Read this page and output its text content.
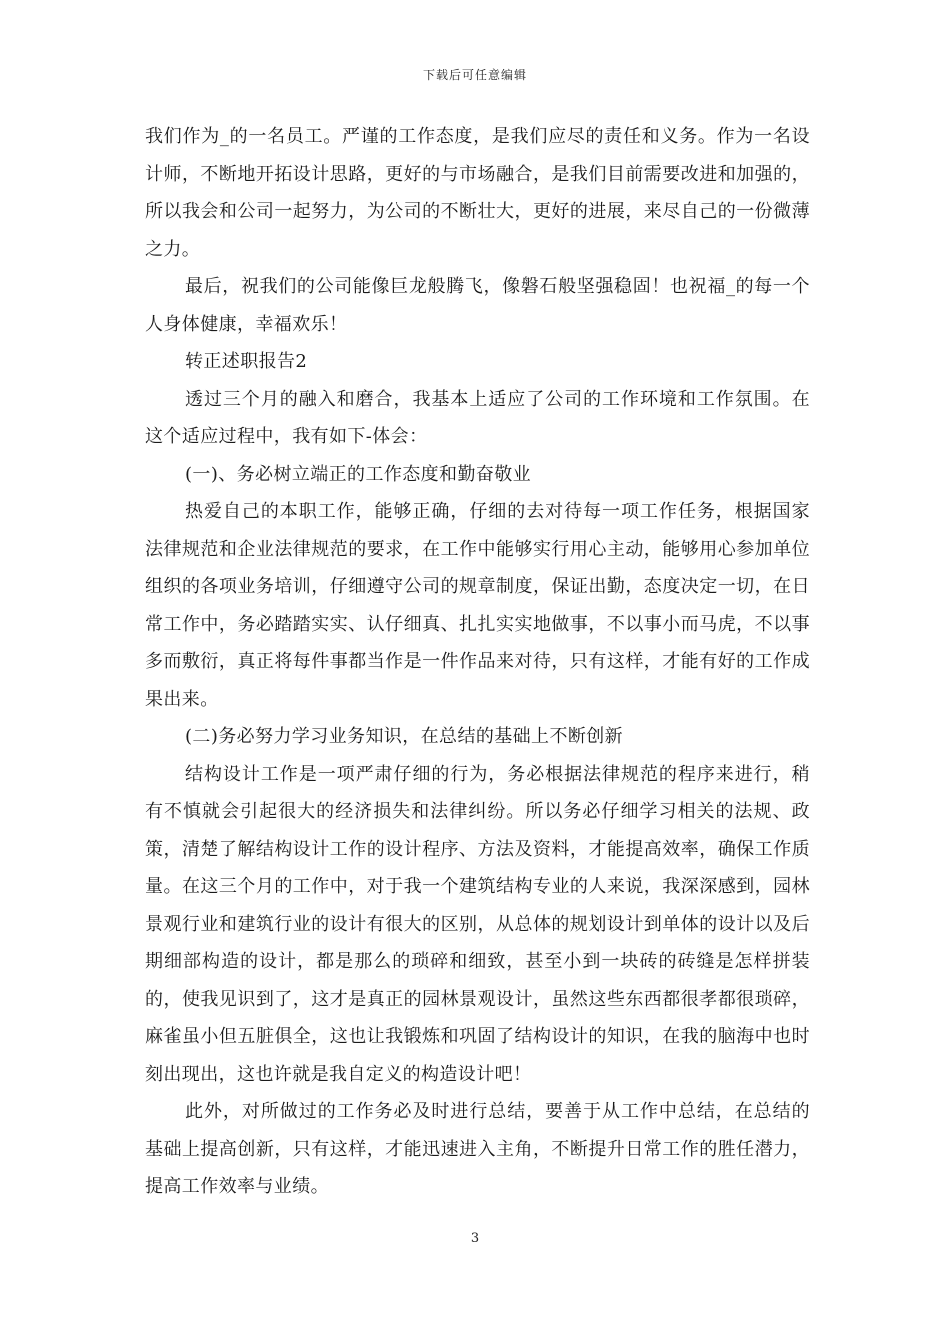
下载后可任意编辑

我们作为_的一名员工。严谨的工作态度，是我们应尽的责任和义务。作为一名设计师，不断地开拓设计思路，更好的与市场融合，是我们目前需要改进和加强的，所以我会和公司一起努力，为公司的不断壮大，更好的进展，来尽自己的一份微薄之力。

最后，祝我们的公司能像巨龙般腾飞，像磐石般坚强稳固！也祝福_的每一个人身体健康，幸福欢乐！

转正述职报告2

透过三个月的融入和磨合，我基本上适应了公司的工作环境和工作氛围。在这个适应过程中，我有如下-体会：

(一)、务必树立端正的工作态度和勤奋敬业

热爱自己的本职工作，能够正确，仔细的去对待每一项工作任务，根据国家法律规范和企业法律规范的要求，在工作中能够实行用心主动，能够用心参加单位组织的各项业务培训，仔细遵守公司的规章制度，保证出勤，态度决定一切，在日常工作中，务必踏踏实实、认仔细真、扎扎实实地做事，不以事小而马虎，不以事多而敷衍，真正将每件事都当作是一件作品来对待，只有这样，才能有好的工作成果出来。

(二)务必努力学习业务知识，在总结的基础上不断创新

结构设计工作是一项严肃仔细的行为，务必根据法律规范的程序来进行，稍有不慎就会引起很大的经济损失和法律纠纷。所以务必仔细学习相关的法规、政策，清楚了解结构设计工作的设计程序、方法及资料，才能提高效率，确保工作质量。在这三个月的工作中，对于我一个建筑结构专业的人来说，我深深感到，园林景观行业和建筑行业的设计有很大的区别，从总体的规划设计到单体的设计以及后期细部构造的设计，都是那么的琐碎和细致，甚至小到一块砖的砖缝是怎样拼装的，使我见识到了，这才是真正的园林景观设计，虽然这些东西都很孝都很琐碎，麻雀虽小但五脏俱全，这也让我锻炼和巩固了结构设计的知识，在我的脑海中也时刻出现出，这也许就是我自定义的构造设计吧！

此外，对所做过的工作务必及时进行总结，要善于从工作中总结，在总结的基础上提高创新，只有这样，才能迅速进入主角，不断提升日常工作的胜任潜力，提高工作效率与业绩。

3
